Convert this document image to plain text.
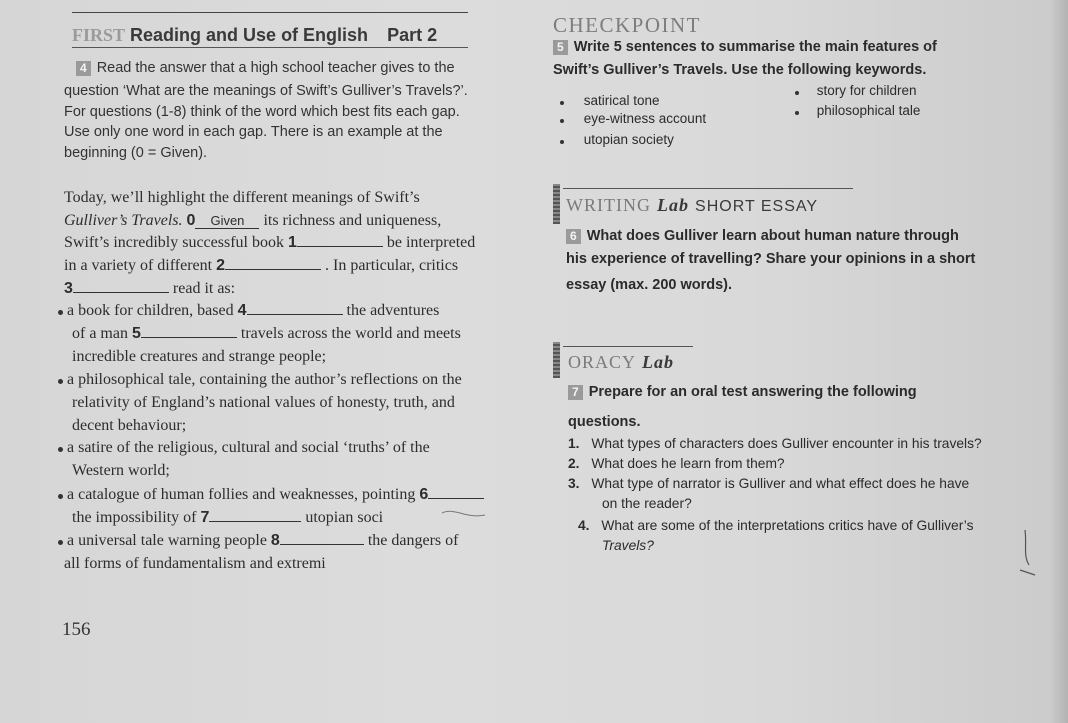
FIRST Reading and Use of English Part 2	CHECKPOINT
4 Read the answer that a high school teacher gives to the
question ‘What are the meanings of Swift’s Gulliver’s Travels?’.
For questions (1-8) think of the word which best fits each gap.
Use only one word in each gap. There is an example at the
beginning (0 = Given).
Today, we’ll highlight the different meanings of Swift’s
Gulliver’s Travels. 0 Given its richness and uniqueness,
Swift’s incredibly successful book 1	be interpreted
in a variety of different 2	. In particular, critics
3	read it as:
a book for children, based 4	the adventures
of a man 5	travels across the world and meets
incredible creatures and strange people;
a philosophical tale, containing the author’s reflections on the
relativity of England’s national values of honesty, truth, and
decent behaviour;
a satire of the religious, cultural and social ‘truths’ of the
Western world;
a catalogue of human follies and weaknesses, pointing 6
the impossibility of 7	utopian soci
a universal tale warning people 8	the dangers of
all forms of fundamentalism and extremi
156
5 Write 5 sentences to summarise the main features of
Swift’s Gulliver’s Travels. Use the following keywords.
satirical tone
eye-witness account
utopian society
story for children
philosophical tale
WRITING Lab SHORT ESSAY
6 What does Gulliver learn about human nature through
his experience of travelling? Share your opinions in a short
essay (max. 200 words).
ORACY Lab
7 Prepare for an oral test answering the following
questions.
1. What types of characters does Gulliver encounter in his travels?
2. What does he learn from them?
3. What type of narrator is Gulliver and what effect does he have
on the reader?
4. What are some of the interpretations critics have of Gulliver’s
Travels?
